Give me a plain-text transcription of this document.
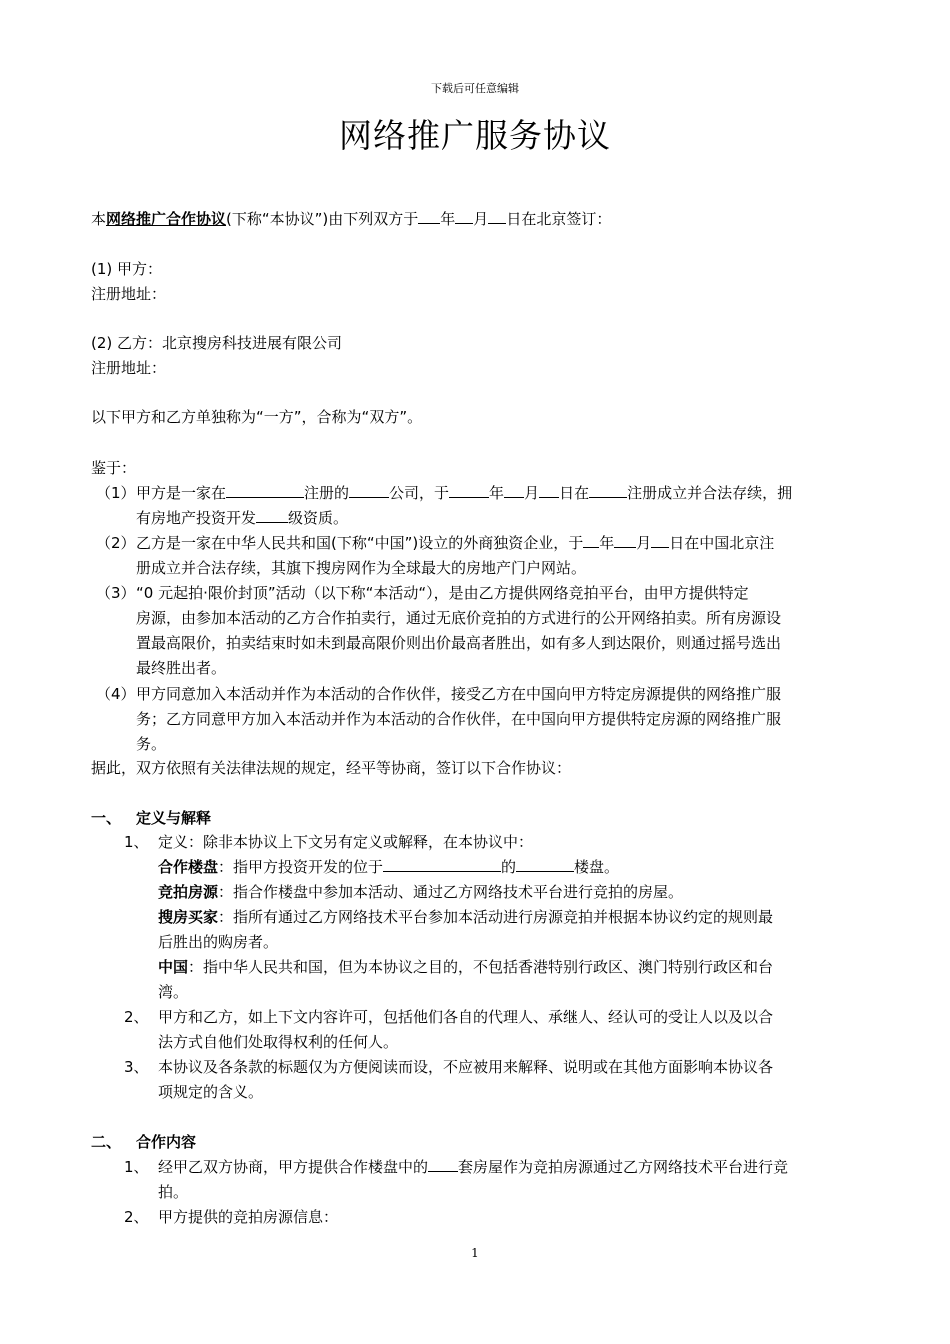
下载后可任意编辑
网络推广服务协议
本网络推广合作协议(下称“本协议”)由下列双方于 年 月 日在北京签订：
(1) 甲方：
注册地址：
(2) 乙方：北京搜房科技进展有限公司
注册地址：
以下甲方和乙方单独称为“一方”，合称为“双方”。
鉴于：
（1） 甲方是一家在	注册的	公司，于	年 月 日在	注册成立并合法存续，拥
有房地产投资开发 级资质。
（2） 乙方是一家在中华人民共和国(下称“中国”)设立的外商独资企业，于 年 月 日在中国北京注
册成立并合法存续，其旗下搜房网作为全球最大的房地产门户网站。
（3） “0 元起拍·限价封顶”活动（以下称“本活动“），是由乙方提供网络竞拍平台，由甲方提供特定
房源，由参加本活动的乙方合作拍卖行，通过无底价竞拍的方式进行的公开网络拍卖。所有房源设
置最高限价，拍卖结束时如未到最高限价则出价最高者胜出，如有多人到达限价，则通过摇号选出
最终胜出者。
（4） 甲方同意加入本活动并作为本活动的合作伙伴，接受乙方在中国向甲方特定房源提供的网络推广服
务；乙方同意甲方加入本活动并作为本活动的合作伙伴，在中国向甲方提供特定房源的网络推广服
务。
据此，双方依照有关法律法规的规定，经平等协商，签订以下合作协议：
一、 定义与解释
1、 定义：除非本协议上下文另有定义或解释，在本协议中：
合作楼盘：指甲方投资开发的位于	的	楼盘。
竞拍房源：指合作楼盘中参加本活动、通过乙方网络技术平台进行竞拍的房屋。
搜房买家：指所有通过乙方网络技术平台参加本活动进行房源竞拍并根据本协议约定的规则最
后胜出的购房者。
中国：指中华人民共和国，但为本协议之目的，不包括香港特别行政区、澳门特别行政区和台
湾。
2、 甲方和乙方，如上下文内容许可，包括他们各自的代理人、承继人、经认可的受让人以及以合
法方式自他们处取得权利的任何人。
3、 本协议及各条款的标题仅为方便阅读而设，不应被用来解释、说明或在其他方面影响本协议各
项规定的含义。
二、 合作内容
1、 经甲乙双方协商，甲方提供合作楼盘中的 套房屋作为竞拍房源通过乙方网络技术平台进行竞
拍。
2、 甲方提供的竞拍房源信息：
1
